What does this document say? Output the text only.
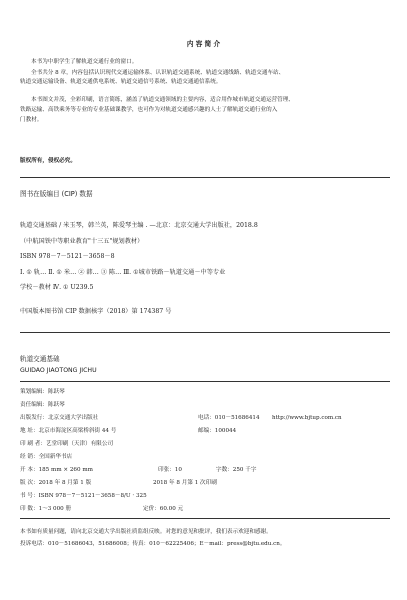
内 容 简 介
本书为中职学生了解轨道交通行业的窗口。
全书共分 8 章，内容包括认识现代交通运输体系、认识轨道交通系统、轨道交通线路、轨道交通车站、
轨道交通运输设备、轨道交通供电系统、轨道交通信号系统、轨道交通通信系统。
本书图文并茂，全彩印刷，语言简练，涵盖了轨道交通领域的主要内容，适合用作城市轨道交通运营管理、
铁路运输、高铁乘务等专业的专业基础课教学，也可作为对轨道交通感兴趣的人士了解轨道交通行业的入
门教材。
版权所有，侵权必究。
图书在版编目 (CIP) 数据
轨道交通基础 / 米玉琴，韩兰英，陈爱琴主编 . —北京：北京交通大学出版社，2018.8
（中航国铁中等职业教育"十三五"规划教材）
ISBN 978－7－5121－3658－8
Ⅰ. ① 轨… Ⅱ. ① 米… ② 韩… ③ 陈… Ⅲ. ①城市铁路－轨道交通－中等专业
学校－教材 Ⅳ. ① U239.5
中国版本图书馆 CIP 数据核字（2018）第 174387 号
轨道交通基础
GUIDAO JIAOTONG JICHU
策划编辑：陈跃琴
责任编辑：陈跃琴
出版发行：北京交通大学出版社	电话：010－51686414 http://www.bjtup.com.cn
地 址：北京市海淀区高梁桥斜街 44 号	邮编：100044
印 刷 者：艺堂印刷（天津）有限公司
经 销：全国新华书店
开 本：185 mm × 260 mm	印张：10	字数：250 千字
版 次：2018 年 8 月第 1 版	2018 年 8 月第 1 次印刷
书 号：ISBN 978－7－5121－3658－8/U · 325
印 数：1～3 000 册	定价：60.00 元
本书如有质量问题，请向北京交通大学出版社质监组反映。对您的意见和批评，我们表示欢迎和感谢。
投诉电话：010－51686043，51686008；传真：010－62225406；E－mail：press@bjtu.edu.cn。
